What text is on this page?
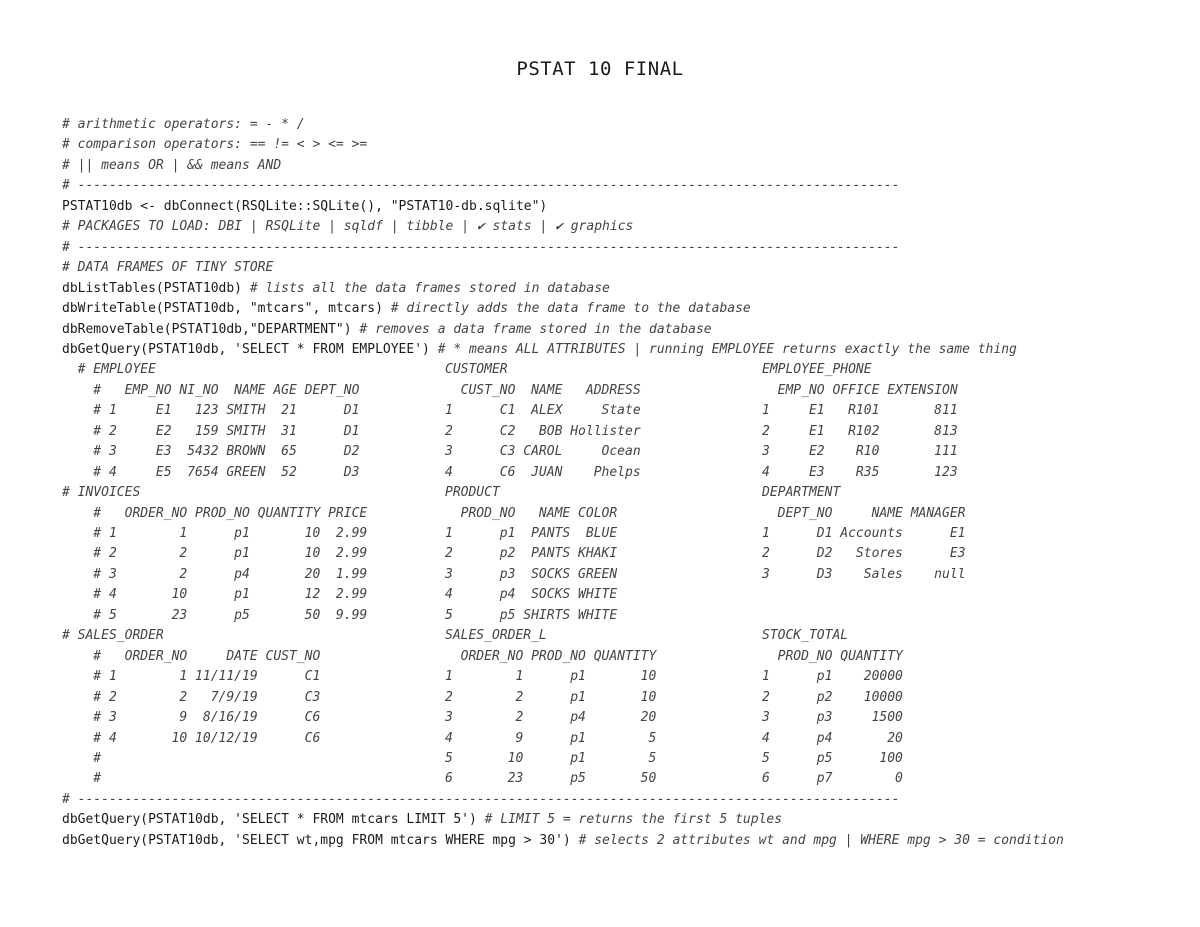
PSTAT 10 FINAL
# arithmetic operators: = - * /
# comparison operators: == != < > <= >=
# || means OR | && means AND
# ---------------------------------------------------------------------------------------------------------
PSTAT10db <- dbConnect(RSQLite::SQLite(), "PSTAT10-db.sqlite")
# PACKAGES TO LOAD: DBI | RSQLite | sqldf | tibble | ✔ stats | ✔ graphics
# ---------------------------------------------------------------------------------------------------------
# DATA FRAMES OF TINY STORE
dbListTables(PSTAT10db) # lists all the data frames stored in database
dbWriteTable(PSTAT10db, "mtcars", mtcars) # directly adds the data frame to the database
dbRemoveTable(PSTAT10db,"DEPARTMENT") # removes a data frame stored in the database
dbGetQuery(PSTAT10db, 'SELECT * FROM EMPLOYEE') # * means ALL ATTRIBUTES | running EMPLOYEE returns exactly the same thing
# EMPLOYEE
#   EMP_NO NI_NO  NAME AGE DEPT_NO
# 1     E1   123 SMITH  21      D1
# 2     E2   159 SMITH  31      D1
# 3     E3  5432 BROWN  65      D2
# 4     E5  7654 GREEN  52      D3
# INVOICES
#   ORDER_NO PROD_NO QUANTITY PRICE
# 1        1      p1       10  2.99
# 2        2      p1       10  2.99
# 3        2      p4       20  1.99
# 4       10      p1       12  2.99
# 5       23      p5       50  9.99
# SALES_ORDER
#   ORDER_NO     DATE CUST_NO
# 1        1 11/11/19      C1
# 2        2   7/9/19      C3
# 3        9  8/16/19      C6
# 4       10 10/12/19      C6
#
#
CUSTOMER
CUST_NO  NAME   ADDRESS
1      C1  ALEX     State
2      C2   BOB Hollister
3      C3 CAROL     Ocean
4      C6  JUAN    Phelps
PRODUCT
PROD_NO   NAME COLOR
1      p1  PANTS  BLUE
2      p2  PANTS KHAKI
3      p3  SOCKS GREEN
4      p4  SOCKS WHITE
5      p5 SHIRTS WHITE
SALES_ORDER_L
ORDER_NO PROD_NO QUANTITY
1        1      p1       10
2        2      p1       10
3        2      p4       20
4        9      p1        5
5       10      p1        5
6       23      p5       50
EMPLOYEE_PHONE
EMP_NO OFFICE EXTENSION
1     E1   R101       811
2     E1   R102       813
3     E2    R10       111
4     E3    R35       123
DEPARTMENT
DEPT_NO     NAME MANAGER
1      D1 Accounts      E1
2      D2   Stores      E3
3      D3    Sales    null
STOCK_TOTAL
PROD_NO QUANTITY
1      p1    20000
2      p2    10000
3      p3     1500
4      p4       20
5      p5      100
6      p7        0
# ---------------------------------------------------------------------------------------------------------
dbGetQuery(PSTAT10db, 'SELECT * FROM mtcars LIMIT 5') # LIMIT 5 = returns the first 5 tuples
dbGetQuery(PSTAT10db, 'SELECT wt,mpg FROM mtcars WHERE mpg > 30') # selects 2 attributes wt and mpg | WHERE mpg > 30 = condition
